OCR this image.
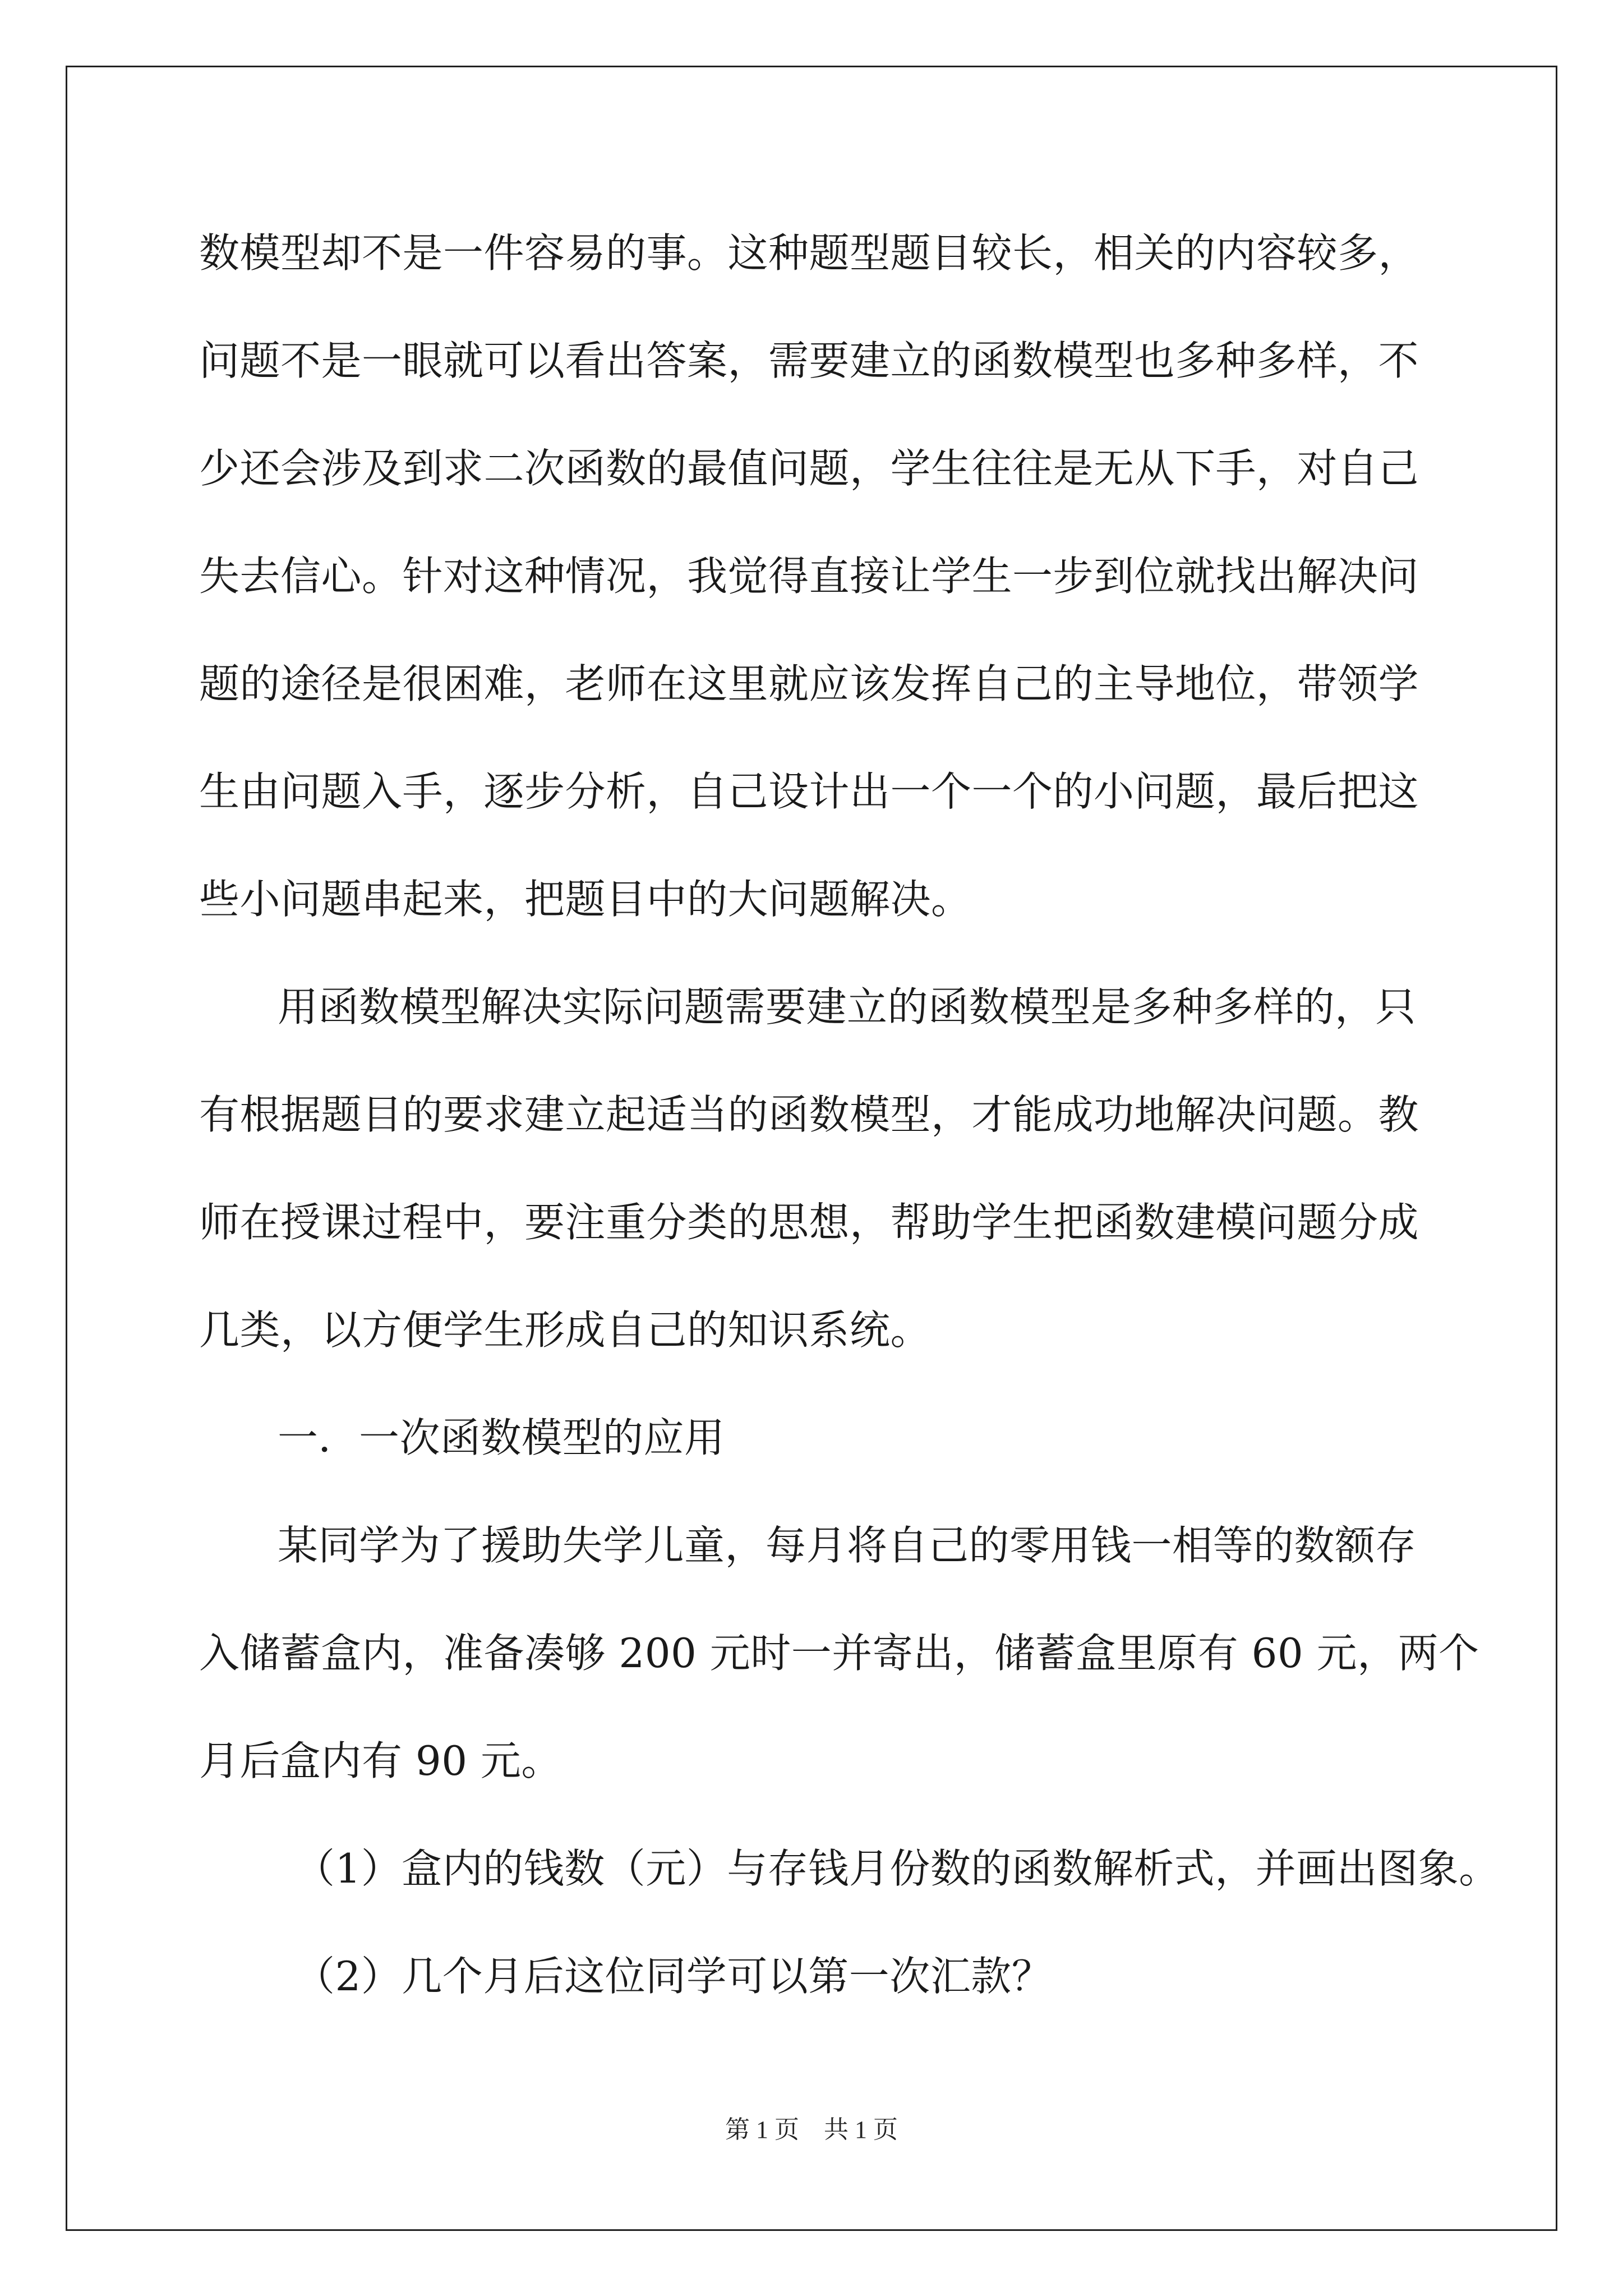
数模型却不是一件容易的事。这种题型题目较长，相关的内容较多，
问题不是一眼就可以看出答案，需要建立的函数模型也多种多样，不
少还会涉及到求二次函数的最值问题，学生往往是无从下手，对自己
失去信心。针对这种情况，我觉得直接让学生一步到位就找出解决问
题的途径是很困难，老师在这里就应该发挥自己的主导地位，带领学
生由问题入手，逐步分析，自己设计出一个一个的小问题，最后把这
些小问题串起来，把题目中的大问题解决。
用函数模型解决实际问题需要建立的函数模型是多种多样的，只
有根据题目的要求建立起适当的函数模型，才能成功地解决问题。教
师在授课过程中，要注重分类的思想，帮助学生把函数建模问题分成
几类，以方便学生形成自己的知识系统。
一．一次函数模型的应用
某同学为了援助失学儿童，每月将自己的零用钱一相等的数额存
入储蓄盒内，准备凑够 200 元时一并寄出，储蓄盒里原有 60 元，两个
月后盒内有 90 元。
（1）盒内的钱数（元）与存钱月份数的函数解析式，并画出图象。
（2）几个月后这位同学可以第一次汇款？
第 1 页　共 1 页
